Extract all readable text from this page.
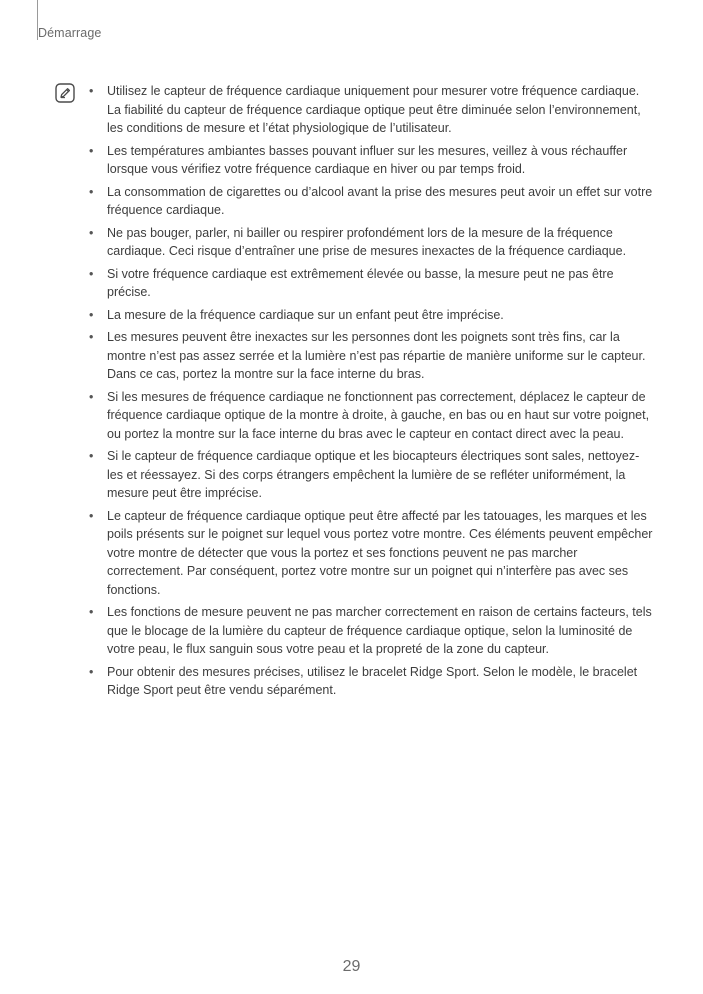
Démarrage
• Utilisez le capteur de fréquence cardiaque uniquement pour mesurer votre fréquence cardiaque. La fiabilité du capteur de fréquence cardiaque optique peut être diminuée selon l’environnement, les conditions de mesure et l’état physiologique de l’utilisateur.
• Les températures ambiantes basses pouvant influer sur les mesures, veillez à vous réchauffer lorsque vous vérifiez votre fréquence cardiaque en hiver ou par temps froid.
• La consommation de cigarettes ou d’alcool avant la prise des mesures peut avoir un effet sur votre fréquence cardiaque.
• Ne pas bouger, parler, ni bailler ou respirer profondément lors de la mesure de la fréquence cardiaque. Ceci risque d’entraîner une prise de mesures inexactes de la fréquence cardiaque.
• Si votre fréquence cardiaque est extrêmement élevée ou basse, la mesure peut ne pas être précise.
• La mesure de la fréquence cardiaque sur un enfant peut être imprécise.
• Les mesures peuvent être inexactes sur les personnes dont les poignets sont très fins, car la montre n’est pas assez serrée et la lumière n’est pas répartie de manière uniforme sur le capteur. Dans ce cas, portez la montre sur la face interne du bras.
• Si les mesures de fréquence cardiaque ne fonctionnent pas correctement, déplacez le capteur de fréquence cardiaque optique de la montre à droite, à gauche, en bas ou en haut sur votre poignet, ou portez la montre sur la face interne du bras avec le capteur en contact direct avec la peau.
• Si le capteur de fréquence cardiaque optique et les biocapteurs électriques sont sales, nettoyez-les et réessayez. Si des corps étrangers empêchent la lumière de se refléter uniformément, la mesure peut être imprécise.
• Le capteur de fréquence cardiaque optique peut être affecté par les tatouages, les marques et les poils présents sur le poignet sur lequel vous portez votre montre. Ces éléments peuvent empêcher votre montre de détecter que vous la portez et ses fonctions peuvent ne pas marcher correctement. Par conséquent, portez votre montre sur un poignet qui n’interfère pas avec ses fonctions.
• Les fonctions de mesure peuvent ne pas marcher correctement en raison de certains facteurs, tels que le blocage de la lumière du capteur de fréquence cardiaque optique, selon la luminosité de votre peau, le flux sanguin sous votre peau et la propreté de la zone du capteur.
• Pour obtenir des mesures précises, utilisez le bracelet Ridge Sport. Selon le modèle, le bracelet Ridge Sport peut être vendu séparément.
29
